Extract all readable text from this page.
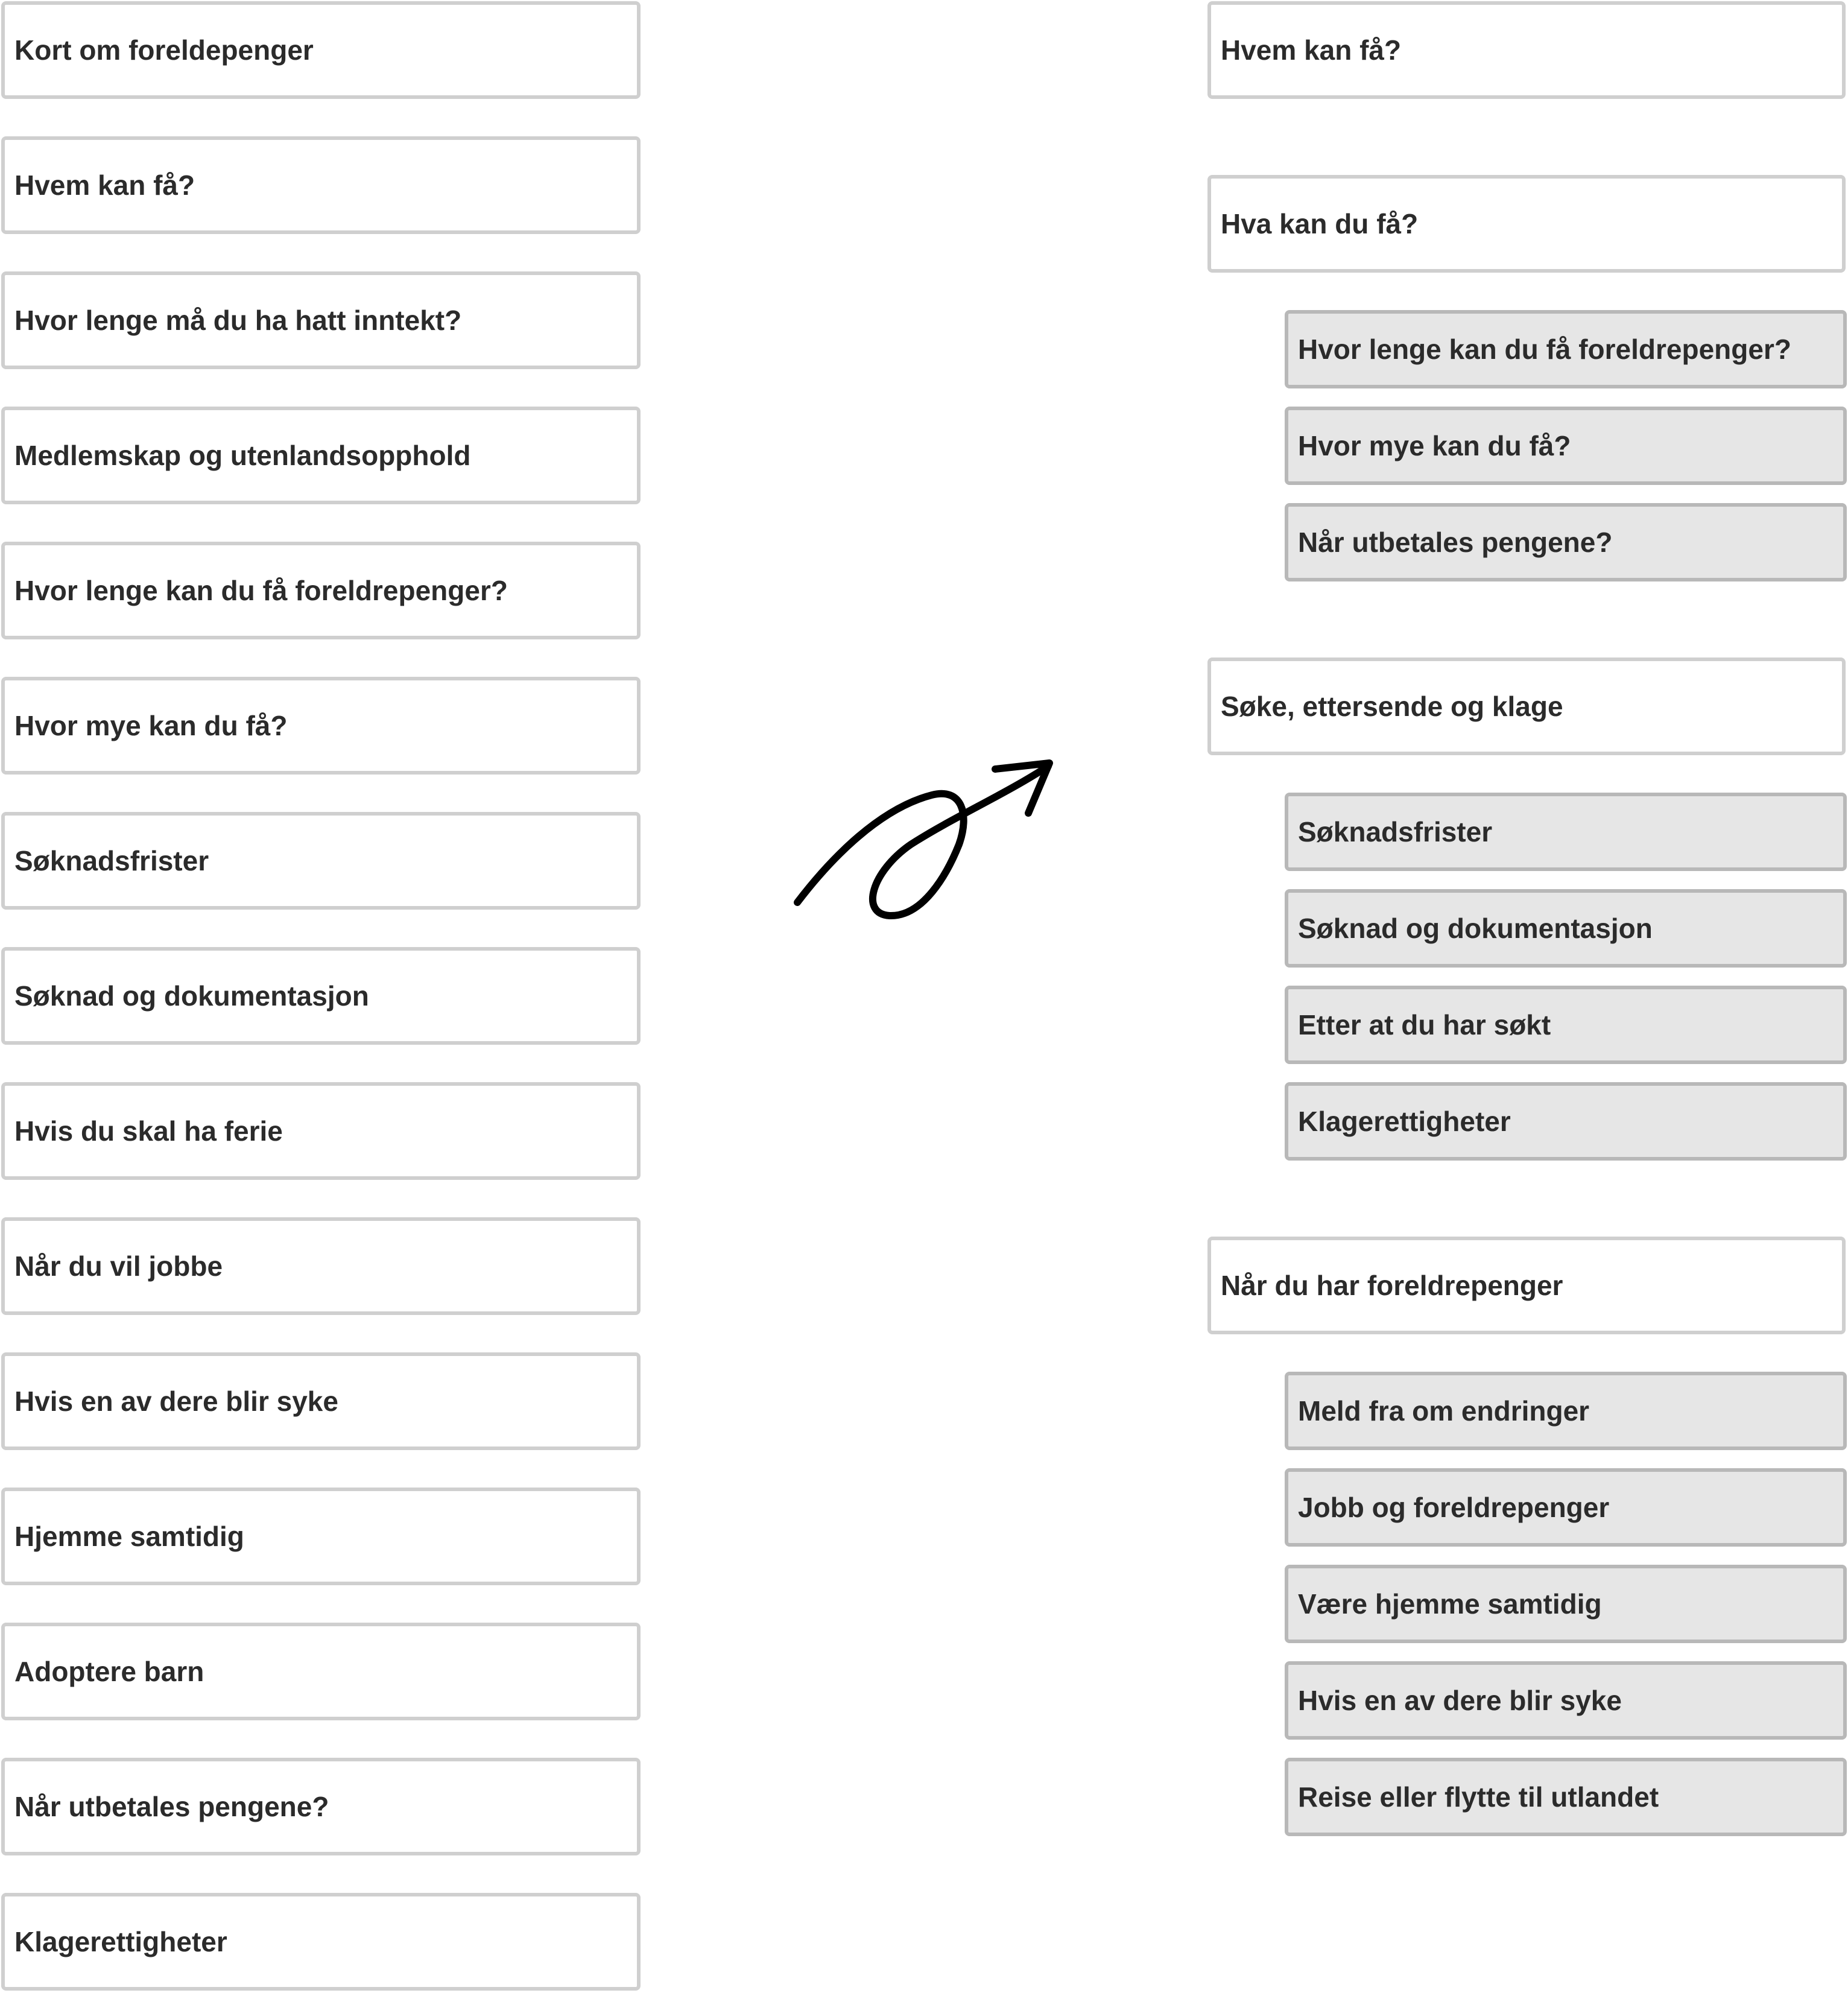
Kort om foreldepenger
Hvem kan få?
Hvor lenge må du ha hatt inntekt?
Medlemskap og utenlandsopphold
Hvor lenge kan du få foreldrepenger?
Hvor mye kan du få?
Søknadsfrister
Søknad og dokumentasjon
Hvis du skal ha ferie
Når du vil jobbe
Hvis en av dere blir syke
Hjemme samtidig
Adoptere barn
Når utbetales pengene?
Klagerettigheter
Hvem kan få?
Hva kan du få?
Hvor lenge kan du få foreldrepenger?
Hvor mye kan du få?
Når utbetales pengene?
Søke, ettersende og klage
Søknadsfrister
Søknad og dokumentasjon
Etter at du har søkt
Klagerettigheter
Når du har foreldrepenger
Meld fra om endringer
Jobb og foreldrepenger
Være hjemme samtidig
Hvis en av dere blir syke
Reise eller flytte til utlandet
